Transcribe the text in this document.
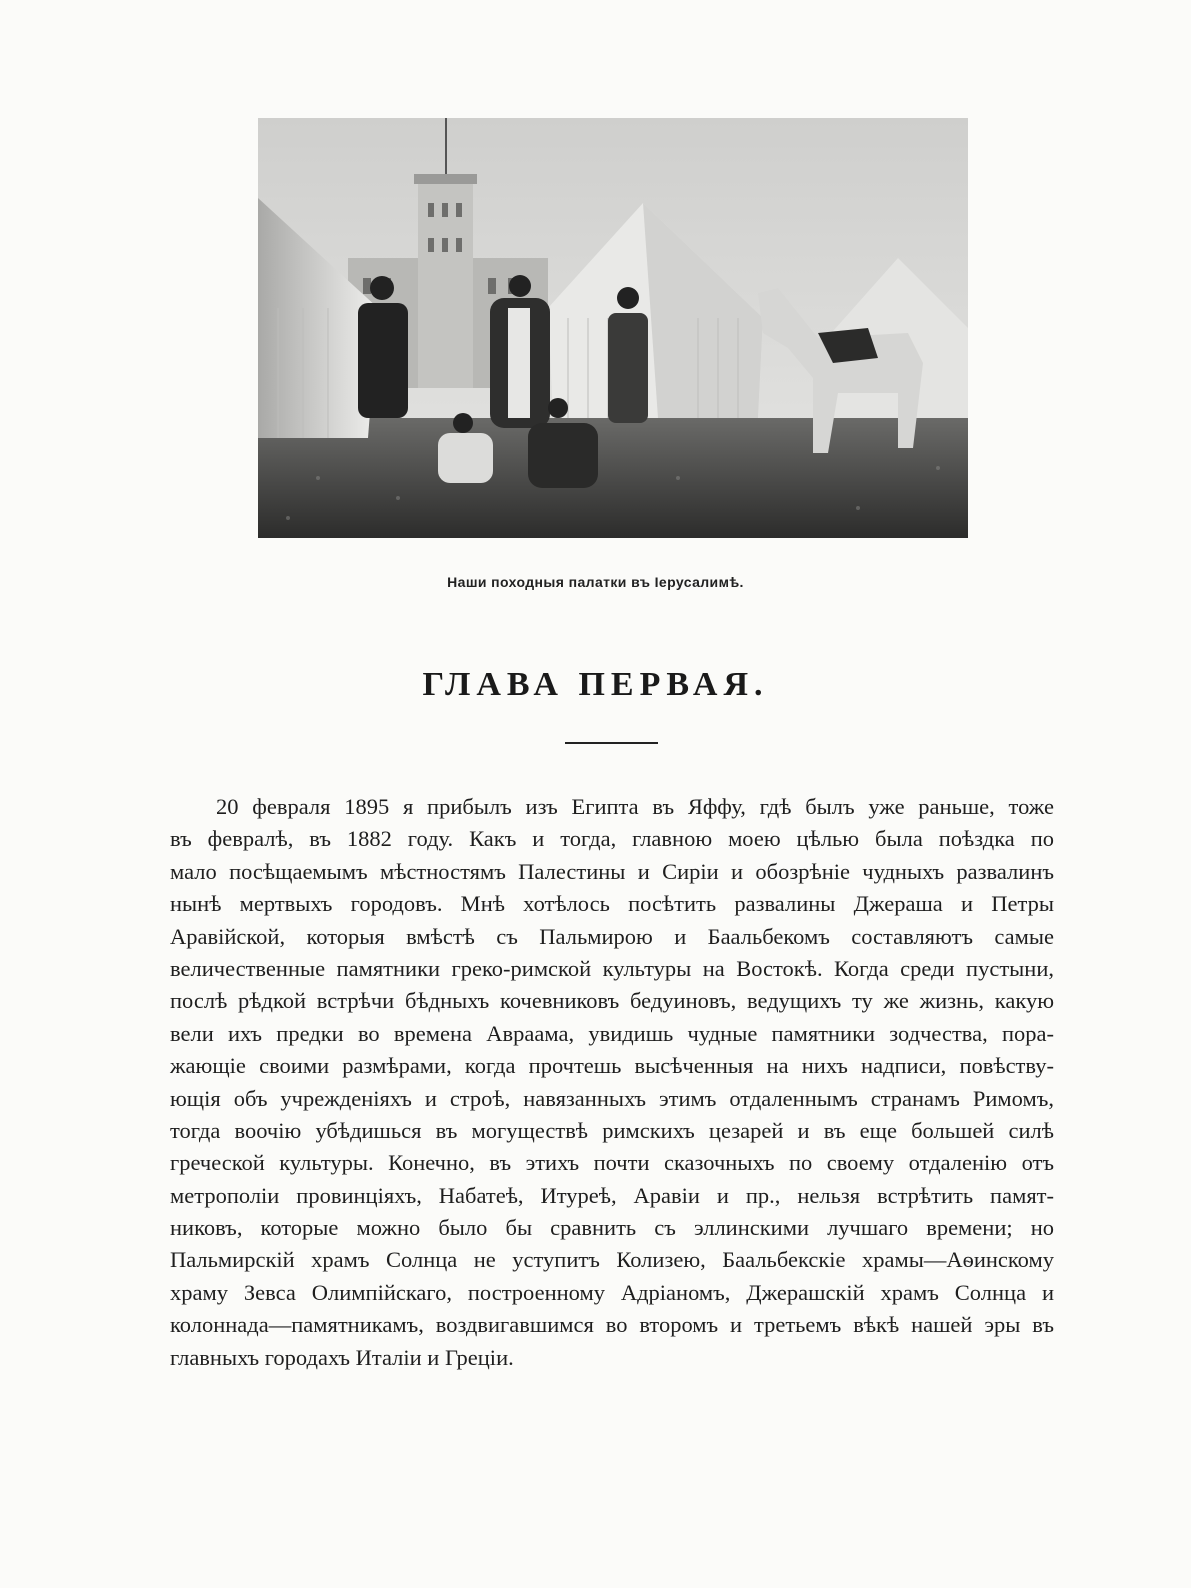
Наши походныя палатки въ Іерусалимѣ.
ГЛАВА ПЕРВАЯ.
20 февраля 1895 я прибылъ изъ Египта въ Яффу, гдѣ былъ уже раньше, тоже
въ февралѣ, въ 1882 году. Какъ и тогда, главною моею цѣлью была поѣздка по
мало посѣщаемымъ мѣстностямъ Палестины и Сиріи и обозрѣніе чудныхъ развалинъ
нынѣ мертвыхъ городовъ. Мнѣ хотѣлось посѣтить развалины Джераша и Петры
Аравійской, которыя вмѣстѣ съ Пальмирою и Баальбекомъ составляютъ самые
величественные памятники греко-римской культуры на Востокѣ. Когда среди пустыни,
послѣ рѣдкой встрѣчи бѣдныхъ кочевниковъ бедуиновъ, ведущихъ ту же жизнь, какую
вели ихъ предки во времена Авраама, увидишь чудные памятники зодчества, пора-
жающіе своими размѣрами, когда прочтешь высѣченныя на нихъ надписи, повѣству-
ющія объ учрежденіяхъ и строѣ, навязанныхъ этимъ отдаленнымъ странамъ Римомъ,
тогда воочію убѣдишься въ могуществѣ римскихъ цезарей и въ еще большей силѣ
греческой культуры. Конечно, въ этихъ почти сказочныхъ по своему отдаленію отъ
метрополіи провинціяхъ, Набатеѣ, Итуреѣ, Аравіи и пр., нельзя встрѣтить памят-
никовъ, которые можно было бы сравнить съ эллинскими лучшаго времени; но
Пальмирскій храмъ Солнца не уступитъ Колизею, Баальбекскіе храмы—Аѳинскому
храму Зевса Олимпійскаго, построенному Адріаномъ, Джерашскій храмъ Солнца и
колоннада—памятникамъ, воздвигавшимся во второмъ и третьемъ вѣкѣ нашей эры въ
главныхъ городахъ Италіи и Греціи.
